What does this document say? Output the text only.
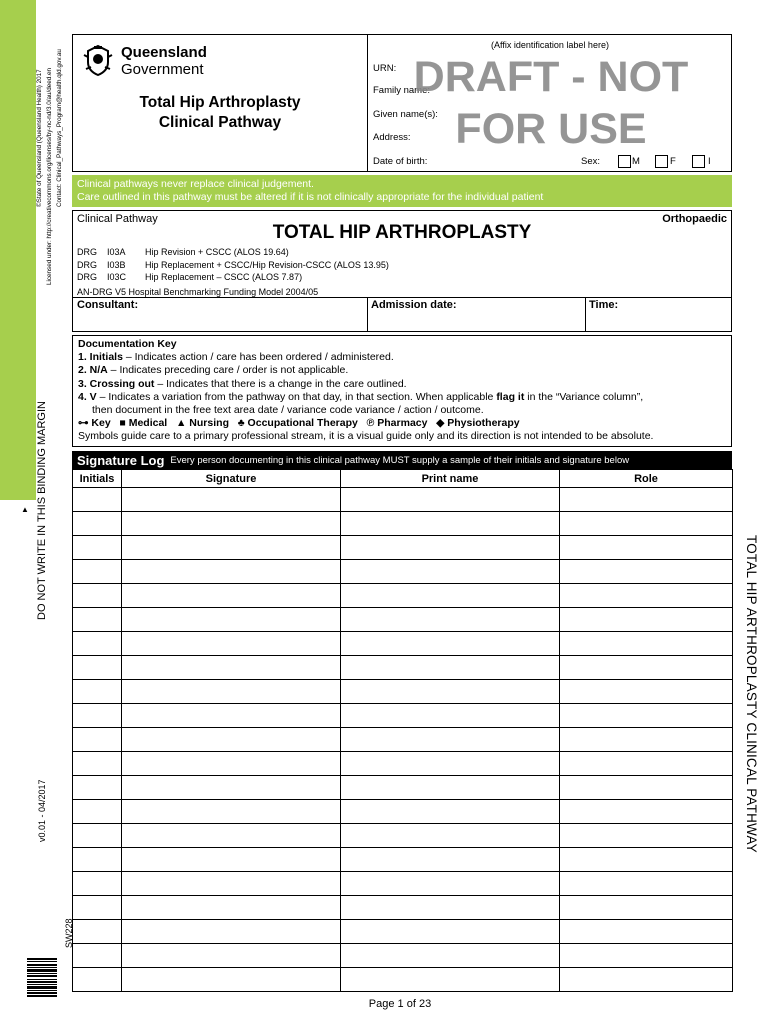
TOTAL HIP ARTHROPLASTY CLINICAL PATHWAY
DO NOT WRITE IN THIS BINDING MARGIN
▲
v0.01 - 04/2017
SW228
©State of Queensland (Queensland Health) 2017 Licensed under: http://creativecommons.org/licenses/by-nc-nd/3.0/au/deed.en Contact: Clinical_Pathways_Program@health.qld.gov.au	Queensland
Government
Total Hip Arthroplasty
Clinical Pathway
(Affix identification label here)
URN:
Family name:
Given name(s):
Address:
Date of birth:	Sex:	M	F	I
DRAFT - NOT
FOR USE
Clinical pathways never replace clinical judgement.
Care outlined in this pathway must be altered if it is not clinically appropriate for the individual patient
Clinical Pathway	Orthopaedic
TOTAL HIP ARTHROPLASTY
DRG I03A Hip Revision + CSCC (ALOS 19.64)
DRG I03B Hip Replacement + CSCC/Hip Revision-CSCC (ALOS 13.95)
DRG I03C Hip Replacement – CSCC (ALOS 7.87)
AN-DRG V5 Hospital Benchmarking Funding Model 2004/05
Consultant:	Admission date:	Time:
Documentation Key
1. Initials – Indicates action / care has been ordered / administered.
2. N/A – Indicates preceding care / order is not applicable.
3. Crossing out – Indicates that there is a change in the care outlined.
4. V – Indicates a variation from the pathway on that day, in that section. When applicable flag it in the “Variance column”,
then document in the free text area date / variance code variance / action / outcome.
⊶ Key ■ Medical ▲ Nursing ♣ Occupational Therapy ℗ Pharmacy ◆ Physiotherapy
Symbols guide care to a primary professional stream, it is a visual guide only and its direction is not intended to be absolute.
Signature Log Every person documenting in this clinical pathway MUST supply a sample of their initials and signature below
Initials	Signature	Print name	Role

Page 1 of 23
